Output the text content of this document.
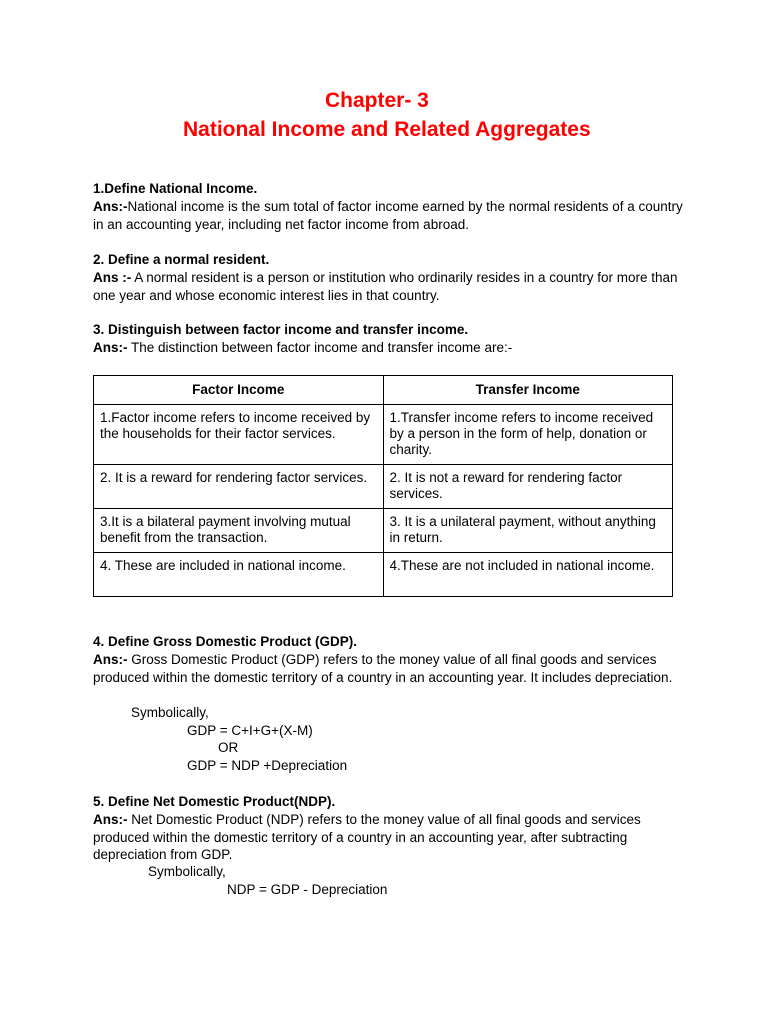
Chapter- 3
National Income and Related Aggregates
1.Define National Income.
Ans:-National income is the sum total of factor income earned by the normal residents of a country in an accounting year, including net factor income from abroad.
2. Define a normal resident.
Ans :- A normal resident is a person or institution who ordinarily resides in a country for more than one year and whose economic interest lies in that country.
3. Distinguish between factor income and transfer income.
Ans:- The distinction between factor income and transfer income are:-
Factor Income	Transfer Income
1.Factor income refers to income received by the households for their factor services.	1.Transfer income refers to income received by a person in the form of help, donation or charity.
2. It is a reward for rendering factor services.	2. It is not a reward for rendering factor services.
3.It is a bilateral payment involving mutual benefit from the transaction.	3. It is a unilateral payment, without anything in return.
4. These are included in national income.	4.These are not included in national income.
4. Define Gross Domestic Product (GDP).
Ans:- Gross Domestic Product (GDP) refers to the money value of all final goods and services produced within the domestic territory of a country in an accounting year. It includes depreciation.
Symbolically,
GDP = C+I+G+(X-M)
OR
GDP = NDP +Depreciation
5. Define Net Domestic Product(NDP).
Ans:- Net Domestic Product (NDP) refers to the money value of all final goods and services produced within the domestic territory of a country in an accounting year, after subtracting depreciation from GDP.
Symbolically,
NDP = GDP - Depreciation
